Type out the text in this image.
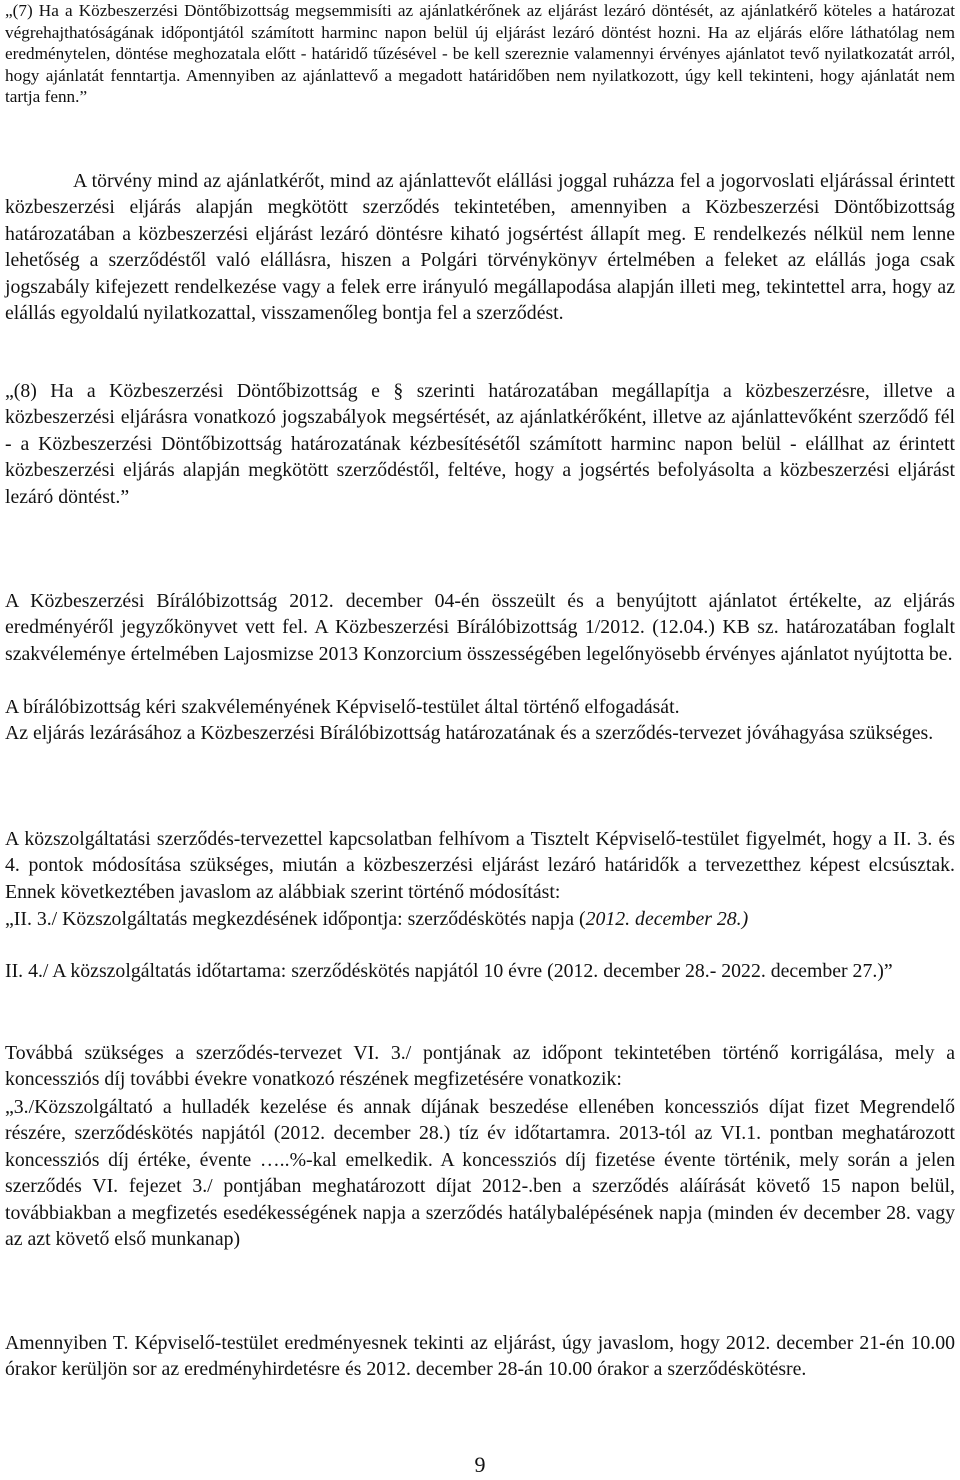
„(7) Ha a Közbeszerzési Döntőbizottság megsemmisíti az ajánlatkérőnek az eljárást lezáró döntését, az ajánlatkérő köteles a határozat végrehajthatóságának időpontjától számított harminc napon belül új eljárást lezáró döntést hozni. Ha az eljárás előre láthatólag nem eredménytelen, döntése meghozatala előtt - határidő tűzésével - be kell szereznie valamennyi érvényes ajánlatot tevő nyilatkozatát arról, hogy ajánlatát fenntartja. Amennyiben az ajánlattevő a megadott határidőben nem nyilatkozott, úgy kell tekinteni, hogy ajánlatát nem tartja fenn.”

A törvény mind az ajánlatkérőt, mind az ajánlattevőt elállási joggal ruházza fel a jogorvoslati eljárással érintett közbeszerzési eljárás alapján megkötött szerződés tekintetében, amennyiben a Közbeszerzési Döntőbizottság határozatában a közbeszerzési eljárást lezáró döntésre kiható jogsértést állapít meg. E rendelkezés nélkül nem lenne lehetőség a szerződéstől való elállásra, hiszen a Polgári törvénykönyv értelmében a feleket az elállás joga csak jogszabály kifejezett rendelkezése vagy a felek erre irányuló megállapodása alapján illeti meg, tekintettel arra, hogy az elállás egyoldalú nyilatkozattal, visszamenőleg bontja fel a szerződést.

„(8) Ha a Közbeszerzési Döntőbizottság e § szerinti határozatában megállapítja a közbeszerzésre, illetve a közbeszerzési eljárásra vonatkozó jogszabályok megsértését, az ajánlatkérőként, illetve az ajánlattevőként szerződő fél - a Közbeszerzési Döntőbizottság határozatának kézbesítésétől számított harminc napon belül - elállhat az érintett közbeszerzési eljárás alapján megkötött szerződéstől, feltéve, hogy a jogsértés befolyásolta a közbeszerzési eljárást lezáró döntést.”

A Közbeszerzési Bírálóbizottság 2012. december 04-én összeült és a benyújtott ajánlatot értékelte, az eljárás eredményéről jegyzőkönyvet vett fel. A Közbeszerzési Bírálóbizottság 1/2012. (12.04.) KB sz. határozatában foglalt szakvéleménye értelmében Lajosmizse 2013 Konzorcium összességében legelőnyösebb érvényes ajánlatot nyújtotta be.

A bírálóbizottság kéri szakvéleményének Képviselő-testület által történő elfogadását.

Az eljárás lezárásához a Közbeszerzési Bírálóbizottság határozatának és a szerződés-tervezet jóváhagyása szükséges.

A közszolgáltatási szerződés-tervezettel kapcsolatban felhívom a Tisztelt Képviselő-testület figyelmét, hogy a II. 3. és 4. pontok módosítása szükséges, miután a közbeszerzési eljárást lezáró határidők a tervezetthez képest elcsúsztak. Ennek következtében javaslom az alábbiak szerint történő módosítást:

„II. 3./ Közszolgáltatás megkezdésének időpontja: szerződéskötés napja (2012. december 28.)

II. 4./ A közszolgáltatás időtartama: szerződéskötés napjától 10 évre (2012. december 28.- 2022. december 27.)”

Továbbá szükséges a szerződés-tervezet VI. 3./ pontjának az időpont tekintetében történő korrigálása, mely a koncessziós díj további évekre vonatkozó részének megfizetésére vonatkozik:

„3./Közszolgáltató a hulladék kezelése és annak díjának beszedése ellenében koncessziós díjat fizet Megrendelő részére, szerződéskötés napjától (2012. december 28.) tíz év időtartamra. 2013-tól az VI.1. pontban meghatározott koncessziós díj értéke, évente …..%-kal emelkedik. A koncessziós díj fizetése évente történik, mely során a jelen szerződés VI. fejezet 3./ pontjában meghatározott díjat 2012-.ben a szerződés aláírását követő 15 napon belül, továbbiakban a megfizetés esedékességének napja a szerződés hatálybalépésének napja (minden év december 28. vagy az azt követő első munkanap)

Amennyiben T. Képviselő-testület eredményesnek tekinti az eljárást, úgy javaslom, hogy 2012. december 21-én 10.00 órakor kerüljön sor az eredményhirdetésre és 2012. december 28-án 10.00 órakor a szerződéskötésre.

9
